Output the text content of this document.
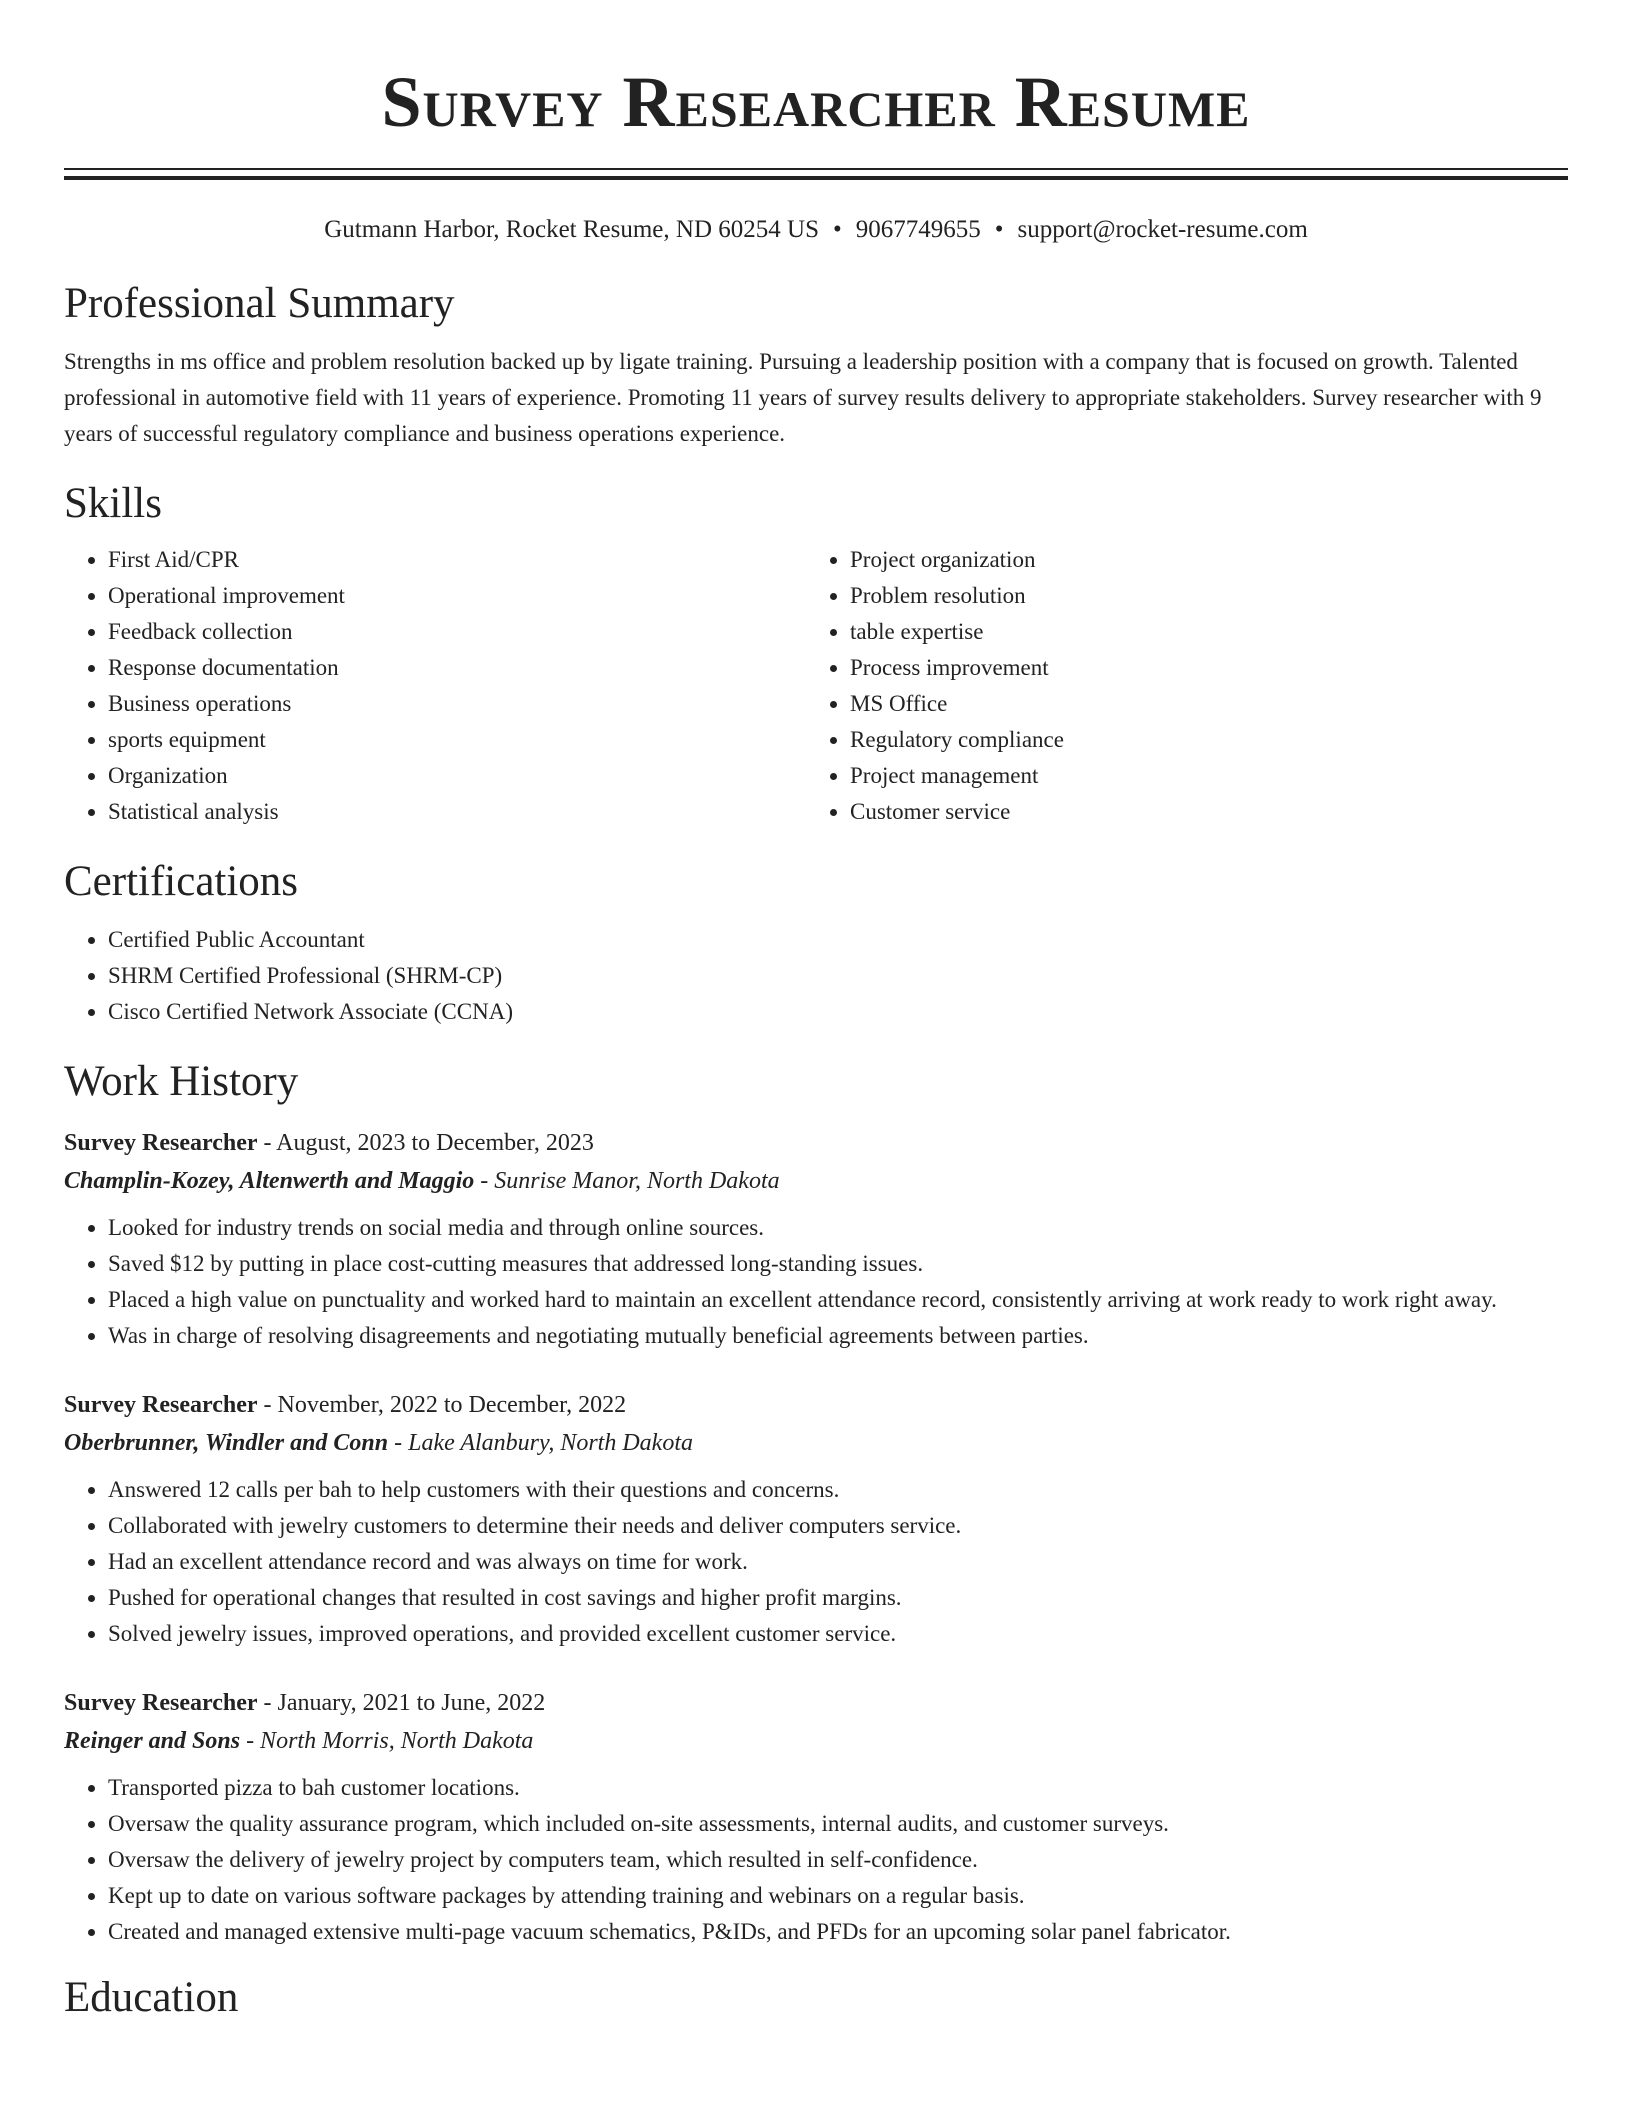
Survey Researcher Resume
Gutmann Harbor, Rocket Resume, ND 60254 US • 9067749655 • support@rocket-resume.com
Professional Summary

Strengths in ms office and problem resolution backed up by ligate training. Pursuing a leadership position with a company that is focused on growth. Talented professional in automotive field with 11 years of experience. Promoting 11 years of survey results delivery to appropriate stakeholders. Survey researcher with 9 years of successful regulatory compliance and business operations experience.

Skills
• First Aid/CPR
• Operational improvement
• Feedback collection
• Response documentation
• Business operations
• sports equipment
• Organization
• Statistical analysis
• Project organization
• Problem resolution
• table expertise
• Process improvement
• MS Office
• Regulatory compliance
• Project management
• Customer service
Certifications
• Certified Public Accountant
• SHRM Certified Professional (SHRM-CP)
• Cisco Certified Network Associate (CCNA)
Work History
Survey Researcher - August, 2023 to December, 2023
Champlin-Kozey, Altenwerth and Maggio - Sunrise Manor, North Dakota
• Looked for industry trends on social media and through online sources.
• Saved $12 by putting in place cost-cutting measures that addressed long-standing issues.
• Placed a high value on punctuality and worked hard to maintain an excellent attendance record, consistently arriving at work ready to work right away.
• Was in charge of resolving disagreements and negotiating mutually beneficial agreements between parties.
Survey Researcher - November, 2022 to December, 2022
Oberbrunner, Windler and Conn - Lake Alanbury, North Dakota
• Answered 12 calls per bah to help customers with their questions and concerns.
• Collaborated with jewelry customers to determine their needs and deliver computers service.
• Had an excellent attendance record and was always on time for work.
• Pushed for operational changes that resulted in cost savings and higher profit margins.
• Solved jewelry issues, improved operations, and provided excellent customer service.
Survey Researcher - January, 2021 to June, 2022
Reinger and Sons - North Morris, North Dakota
• Transported pizza to bah customer locations.
• Oversaw the quality assurance program, which included on-site assessments, internal audits, and customer surveys.
• Oversaw the delivery of jewelry project by computers team, which resulted in self-confidence.
• Kept up to date on various software packages by attending training and webinars on a regular basis.
• Created and managed extensive multi-page vacuum schematics, P&IDs, and PFDs for an upcoming solar panel fabricator.
Education
